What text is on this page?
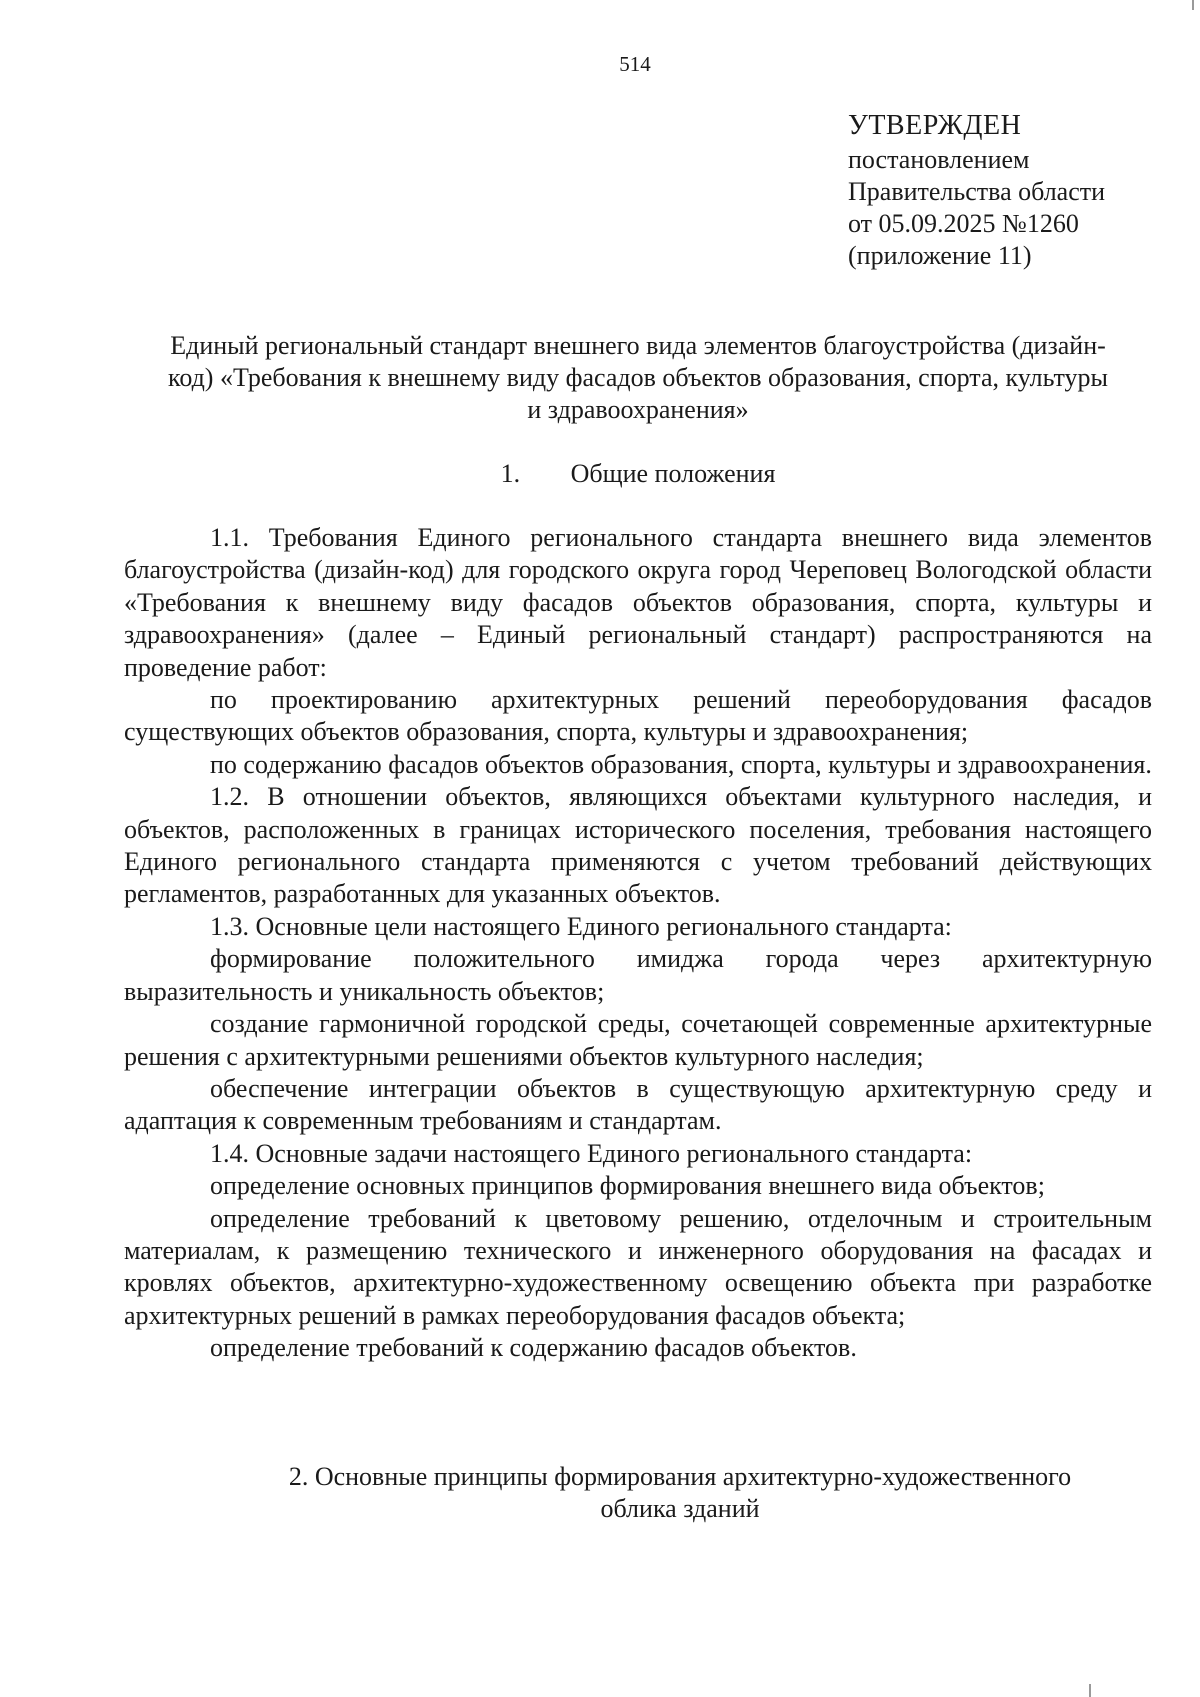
514
УТВЕРЖДЕН
постановлением
Правительства области
от 05.09.2025 №1260
(приложение 11)
Единый региональный стандарт внешнего вида элементов благоустройства (дизайн-
код) «Требования к внешнему виду фасадов объектов образования, спорта, культуры
и здравоохранения»
1. Общие положения

1.1. Требования Единого регионального стандарта внешнего вида элементов благоустройства (дизайн-код) для городского округа город Череповец Вологодской области «Требования к внешнему виду фасадов объектов образования, спорта, культуры и здравоохранения» (далее – Единый региональный стандарт) распространяются на проведение работ:

по проектированию архитектурных решений переоборудования фасадов существующих объектов образования, спорта, культуры и здравоохранения;

по содержанию фасадов объектов образования, спорта, культуры и здравоохранения.

1.2. В отношении объектов, являющихся объектами культурного наследия, и объектов, расположенных в границах исторического поселения, требования настоящего Единого регионального стандарта применяются с учетом требований действующих регламентов, разработанных для указанных объектов.

1.3. Основные цели настоящего Единого регионального стандарта:

формирование положительного имиджа города через архитектурную выразительность и уникальность объектов;

создание гармоничной городской среды, сочетающей современные архитектурные решения с архитектурными решениями объектов культурного наследия;

обеспечение интеграции объектов в существующую архитектурную среду и адаптация к современным требованиям и стандартам.

1.4. Основные задачи настоящего Единого регионального стандарта:

определение основных принципов формирования внешнего вида объектов;

определение требований к цветовому решению, отделочным и строительным материалам, к размещению технического и инженерного оборудования на фасадах и кровлях объектов, архитектурно-художественному освещению объекта при разработке архитектурных решений в рамках переоборудования фасадов объекта;

определение требований к содержанию фасадов объектов.

2. Основные принципы формирования архитектурно-художественного
облика зданий
